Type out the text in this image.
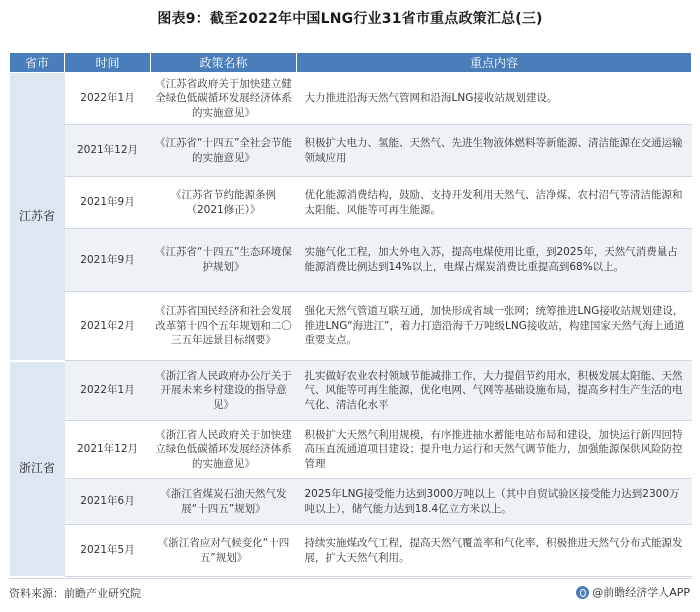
图表9：截至2022年中国LNG行业31省市重点政策汇总(三)
省市	时间	政策名称	重点内容
江苏省	2022年1月	《江苏省政府关于加快建立健全绿色低碳循环发展经济体系的实施意见》	大力推进沿海天然气管网和沿海LNG接收站规划建设。
	2021年12月	《江苏省“十四五”全社会节能的实施意见》	积极扩大电力、氢能、天然气、先进生物液体燃料等新能源、清洁能源在交通运输领域应用
	2021年9月	《江苏省节约能源条例（2021修正）》	优化能源消费结构，鼓励、支持开发利用天然气、洁净煤、农村沼气等清洁能源和太阳能、风能等可再生能源。
	2021年9月	《江苏省“十四五”生态环境保护规划》	实施气化工程，加大外电入苏，提高电煤使用比重，到2025年，天然气消费量占能源消费比例达到14%以上，电煤占煤炭消费比重提高到68%以上。
	2021年2月	《江苏省国民经济和社会发展改革第十四个五年规划和二〇三五年远景目标纲要》	强化天然气管道互联互通，加快形成省域一张网；统筹推进LNG接收站规划建设，推进LNG“海进江”，着力打造沿海千万吨级LNG接收站，构建国家天然气海上通道重要支点。
浙江省	2022年1月	《浙江省人民政府办公厅关于开展未来乡村建设的指导意见》	扎实做好农业农村领域节能减排工作，大力提倡节约用水，积极发展太阳能、天然气、风能等可再生能源，优化电网、气网等基础设施布局，提高乡村生产生活的电气化、清洁化水平
	2021年12月	《浙江省人民政府关于加快建立绿色低碳循环发展经济体系的实施意见》	积极扩大天然气利用规模，有序推进抽水蓄能电站布局和建设，加快运行新四回特高压直流通道项目建设；提升电力运行和天然气调节能力，加强能源保供风险防控管理
	2021年6月	《浙江省煤炭石油天然气发展“十四五”规划》	2025年LNG接受能力达到3000万吨以上（其中自贸试验区接受能力达到2300万吨以上），储气能力达到18.4亿立方米以上。
	2021年5月	《浙江省应对气候变化“十四五”规划》	持续实施煤改气工程，提高天然气覆盖率和气化率，积极推进天然气分布式能源发展，扩大天然气利用。
资料来源：前瞻产业研究院	@前瞻经济学人APP
